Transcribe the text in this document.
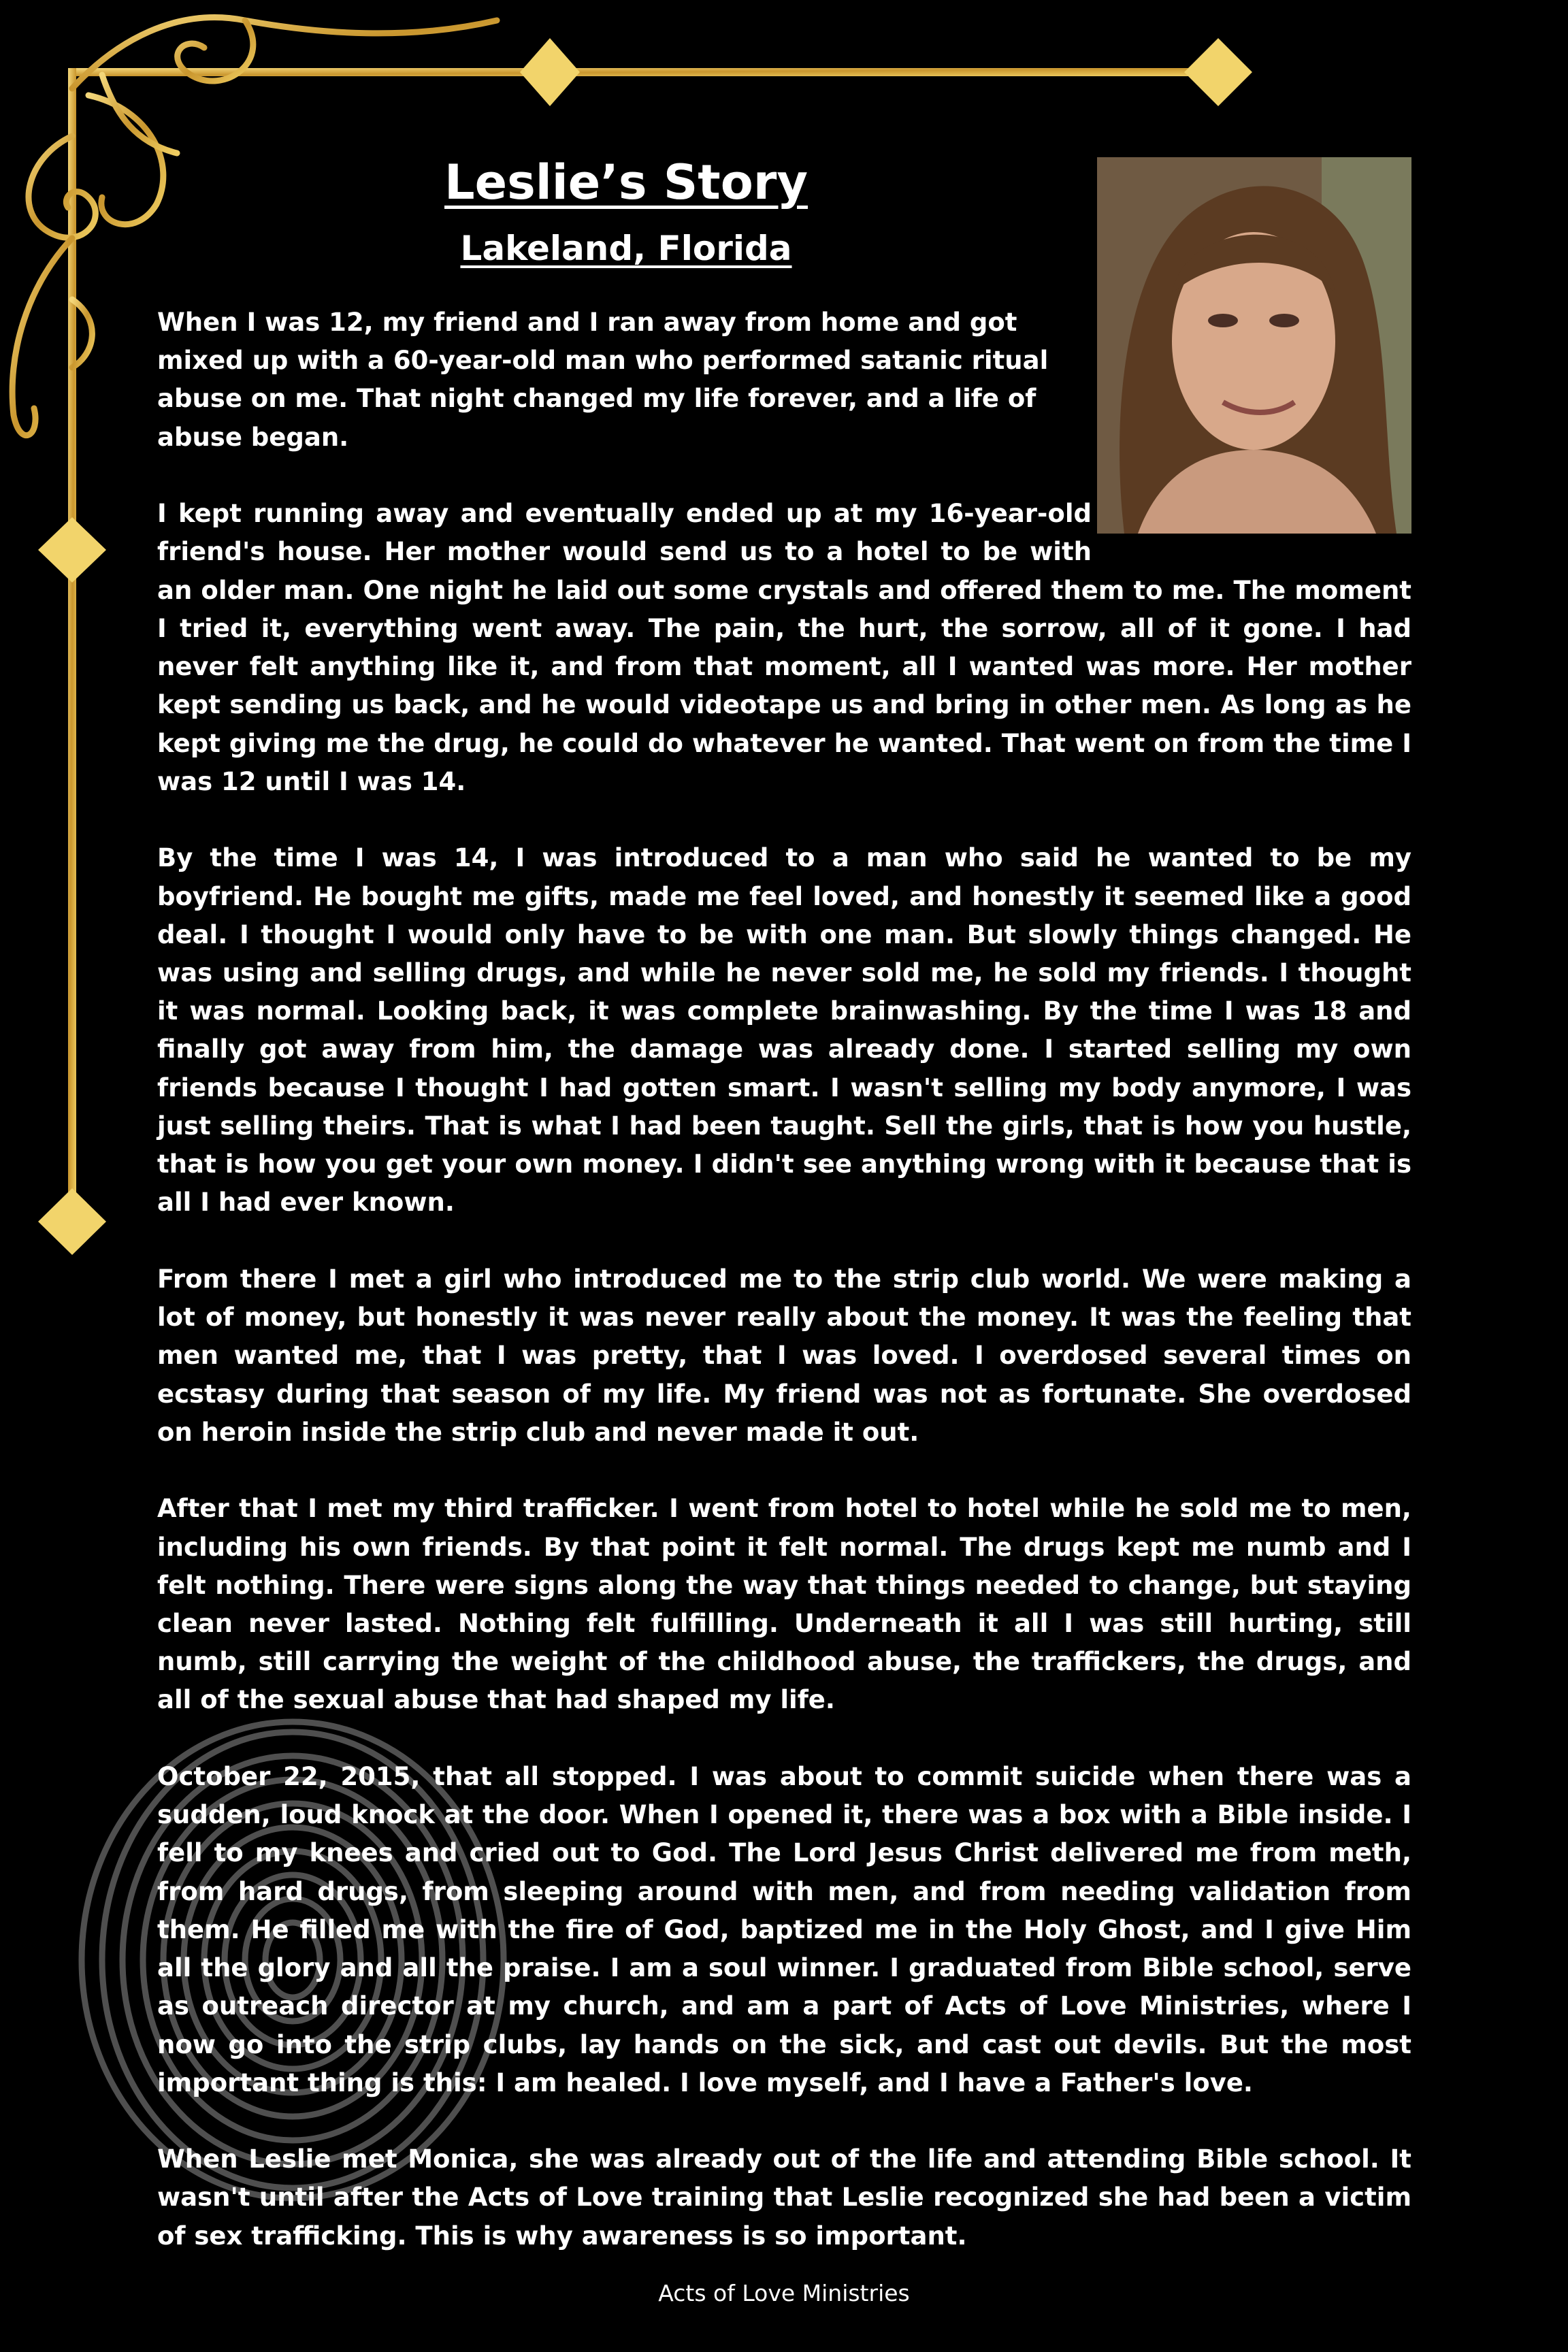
Leslie’s Story
Lakeland, Florida

When I was 12, my friend and I ran away from home and got mixed up with a 60-year-old man who performed satanic ritual abuse on me. That night changed my life forever, and a life of abuse began.

I kept running away and eventually ended up at my 16-year-old friend's house. Her mother would send us to a hotel to be with an older man. One night he laid out some crystals and offered them to me. The moment I tried it, everything went away. The pain, the hurt, the sorrow, all of it gone. I had never felt anything like it, and from that moment, all I wanted was more. Her mother kept sending us back, and he would videotape us and bring in other men. As long as he kept giving me the drug, he could do whatever he wanted. That went on from the time I was 12 until I was 14.

By the time I was 14, I was introduced to a man who said he wanted to be my boyfriend. He bought me gifts, made me feel loved, and honestly it seemed like a good deal. I thought I would only have to be with one man. But slowly things changed. He was using and selling drugs, and while he never sold me, he sold my friends. I thought it was normal. Looking back, it was complete brainwashing. By the time I was 18 and finally got away from him, the damage was already done. I started selling my own friends because I thought I had gotten smart. I wasn't selling my body anymore, I was just selling theirs. That is what I had been taught. Sell the girls, that is how you hustle, that is how you get your own money. I didn't see anything wrong with it because that is all I had ever known.

From there I met a girl who introduced me to the strip club world. We were making a lot of money, but honestly it was never really about the money. It was the feeling that men wanted me, that I was pretty, that I was loved. I overdosed several times on ecstasy during that season of my life. My friend was not as fortunate. She overdosed on heroin inside the strip club and never made it out.

After that I met my third trafficker. I went from hotel to hotel while he sold me to men, including his own friends. By that point it felt normal. The drugs kept me numb and I felt nothing. There were signs along the way that things needed to change, but staying clean never lasted. Nothing felt fulfilling. Underneath it all I was still hurting, still numb, still carrying the weight of the childhood abuse, the traffickers, the drugs, and all of the sexual abuse that had shaped my life.

October 22, 2015, that all stopped. I was about to commit suicide when there was a sudden, loud knock at the door. When I opened it, there was a box with a Bible inside. I fell to my knees and cried out to God. The Lord Jesus Christ delivered me from meth, from hard drugs, from sleeping around with men, and from needing validation from them. He filled me with the fire of God, baptized me in the Holy Ghost, and I give Him all the glory and all the praise. I am a soul winner. I graduated from Bible school, serve as outreach director at my church, and am a part of Acts of Love Ministries, where I now go into the strip clubs, lay hands on the sick, and cast out devils. But the most important thing is this: I am healed. I love myself, and I have a Father's love.

When Leslie met Monica, she was already out of the life and attending Bible school. It wasn't until after the Acts of Love training that Leslie recognized she had been a victim of sex trafficking. This is why awareness is so important.

Acts of Love Ministries
